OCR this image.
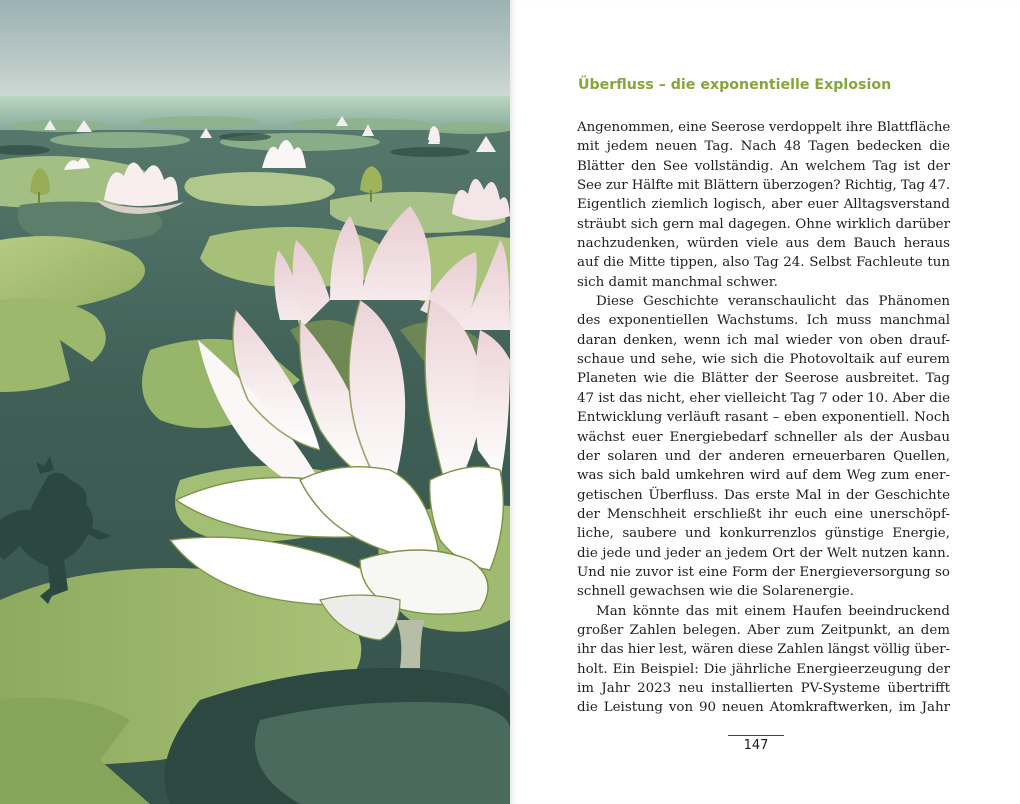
Überfluss – die exponentielle Explosion
Angenommen, eine Seerose verdoppelt ihre Blattfläche
mit jedem neuen Tag. Nach 48 Tagen bedecken die
Blätter den See vollständig. An welchem Tag ist der
See zur Hälfte mit Blättern überzogen? Richtig, Tag 47.
Eigentlich ziemlich logisch, aber euer Alltagsverstand
sträubt sich gern mal dagegen. Ohne wirklich darüber
nachzudenken, würden viele aus dem Bauch heraus
auf die Mitte tippen, also Tag 24. Selbst Fachleute tun
sich damit manchmal schwer.
Diese Geschichte veranschaulicht das Phänomen
des exponentiellen Wachstums. Ich muss manchmal
daran denken, wenn ich mal wieder von oben drauf-
schaue und sehe, wie sich die Photovoltaik auf eurem
Planeten wie die Blätter der Seerose ausbreitet. Tag
47 ist das nicht, eher vielleicht Tag 7 oder 10. Aber die
Entwicklung verläuft rasant – eben exponentiell. Noch
wächst euer Energiebedarf schneller als der Ausbau
der solaren und der anderen erneuerbaren Quellen,
was sich bald umkehren wird auf dem Weg zum ener-
getischen Überfluss. Das erste Mal in der Geschichte
der Menschheit erschließt ihr euch eine unerschöpf-
liche, saubere und konkurrenzlos günstige Energie,
die jede und jeder an jedem Ort der Welt nutzen kann.
Und nie zuvor ist eine Form der Energieversorgung so
schnell gewachsen wie die Solarenergie.
Man könnte das mit einem Haufen beeindruckend
großer Zahlen belegen. Aber zum Zeitpunkt, an dem
ihr das hier lest, wären diese Zahlen längst völlig über-
holt. Ein Beispiel: Die jährliche Energieerzeugung der
im Jahr 2023 neu installierten PV-Systeme übertrifft
die Leistung von 90 neuen Atomkraftwerken, im Jahr
147
